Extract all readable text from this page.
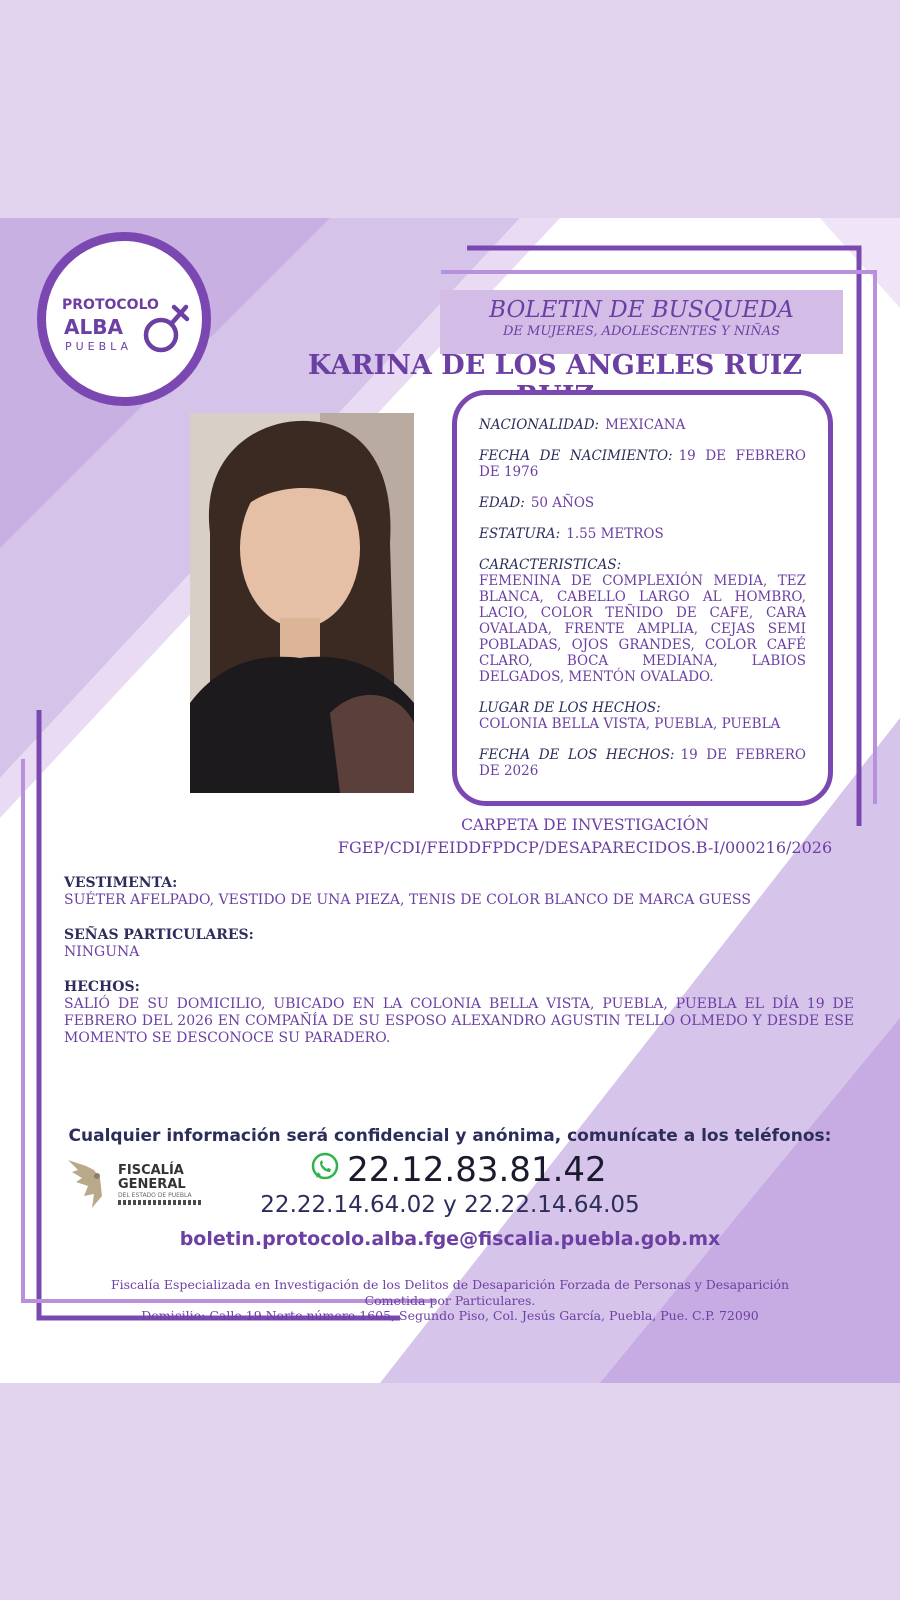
PROTOCOLO
ALBA
PUEBLA
BOLETIN DE BUSQUEDA
DE MUJERES, ADOLESCENTES Y NIÑAS
KARINA DE LOS ANGELES RUIZ
NACIONALIDAD: MEXICANA
FECHA DE NACIMIENTO: 19 DE FEBRERO DE 1976
EDAD: 50 AÑOS
ESTATURA: 1.55 METROS
CARACTERISTICAS:
FEMENINA DE COMPLEXIÓN MEDIA, TEZ BLANCA, CABELLO LARGO AL HOMBRO, LACIO, COLOR TEÑIDO DE CAFE, CARA OVALADA, FRENTE AMPLIA, CEJAS SEMI POBLADAS, OJOS GRANDES, COLOR CAFÉ CLARO, BOCA MEDIANA, LABIOS DELGADOS, MENTÓN OVALADO.
LUGAR DE LOS HECHOS:
COLONIA BELLA VISTA, PUEBLA, PUEBLA
FECHA DE LOS HECHOS: 19 DE FEBRERO DE 2026
CARPETA DE INVESTIGACIÓN
FGEP/CDI/FEIDDFPDCP/DESAPARECIDOS.B-I/000216/2026
VESTIMENTA:
SUÉTER AFELPADO, VESTIDO DE UNA PIEZA, TENIS DE COLOR BLANCO DE MARCA GUESS
SEÑAS PARTICULARES:
NINGUNA
HECHOS:
SALIÓ DE SU DOMICILIO, UBICADO EN LA COLONIA BELLA VISTA, PUEBLA, PUEBLA EL DÍA 19 DE FEBRERO DEL 2026 EN COMPAÑÍA DE SU ESPOSO ALEXANDRO AGUSTIN TELLO OLMEDO Y DESDE ESE MOMENTO SE DESCONOCE SU PARADERO.
Cualquier información será confidencial y anónima, comunícate a los teléfonos:
FISCALÍA
GENERAL
DEL ESTADO DE PUEBLA
22.12.83.81.42
22.22.14.64.02 y 22.22.14.64.05
boletin.protocolo.alba.fge@fiscalia.puebla.gob.mx
Fiscalía Especializada en Investigación de los Delitos de Desaparición Forzada de Personas y Desaparición Cometida por Particulares.
Domicilio: Calle 19 Norte número 1605, Segundo Piso, Col. Jesús García, Puebla, Pue. C.P. 72090
